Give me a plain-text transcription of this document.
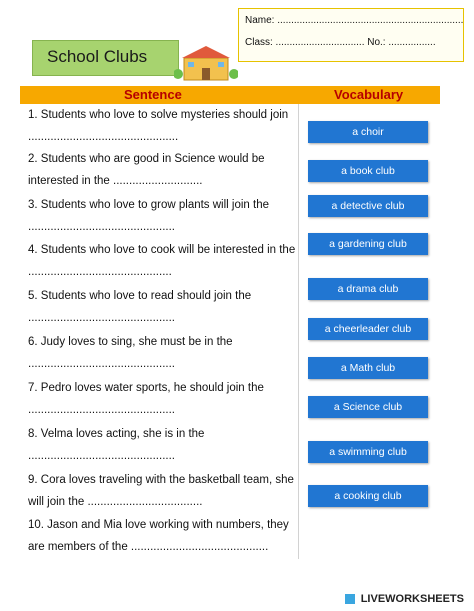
Name: ...................................................................
Class: ................................ No.: .................
School Clubs
Sentence	Vocabulary
1. Students who love to solve mysteries should join ...............................................
2. Students who are good in Science would be interested in the ............................
3. Students who love to grow plants will join the ..............................................
4. Students who love to cook will be interested in the .............................................
5. Students who love to read should join the ..............................................
6. Judy loves to sing, she must be in the ..............................................
7. Pedro loves water sports, he should join the ..............................................
8. Velma loves acting, she is in the ..............................................
9. Cora loves traveling with the basketball team, she will join the ....................................
10. Jason and Mia love working with numbers, they are members of the ...........................................
a choir
a book club
a detective club
a gardening club
a drama club
a cheerleader club
a Math club
a Science club
a swimming club
a cooking club
LIVEWORKSHEETS
